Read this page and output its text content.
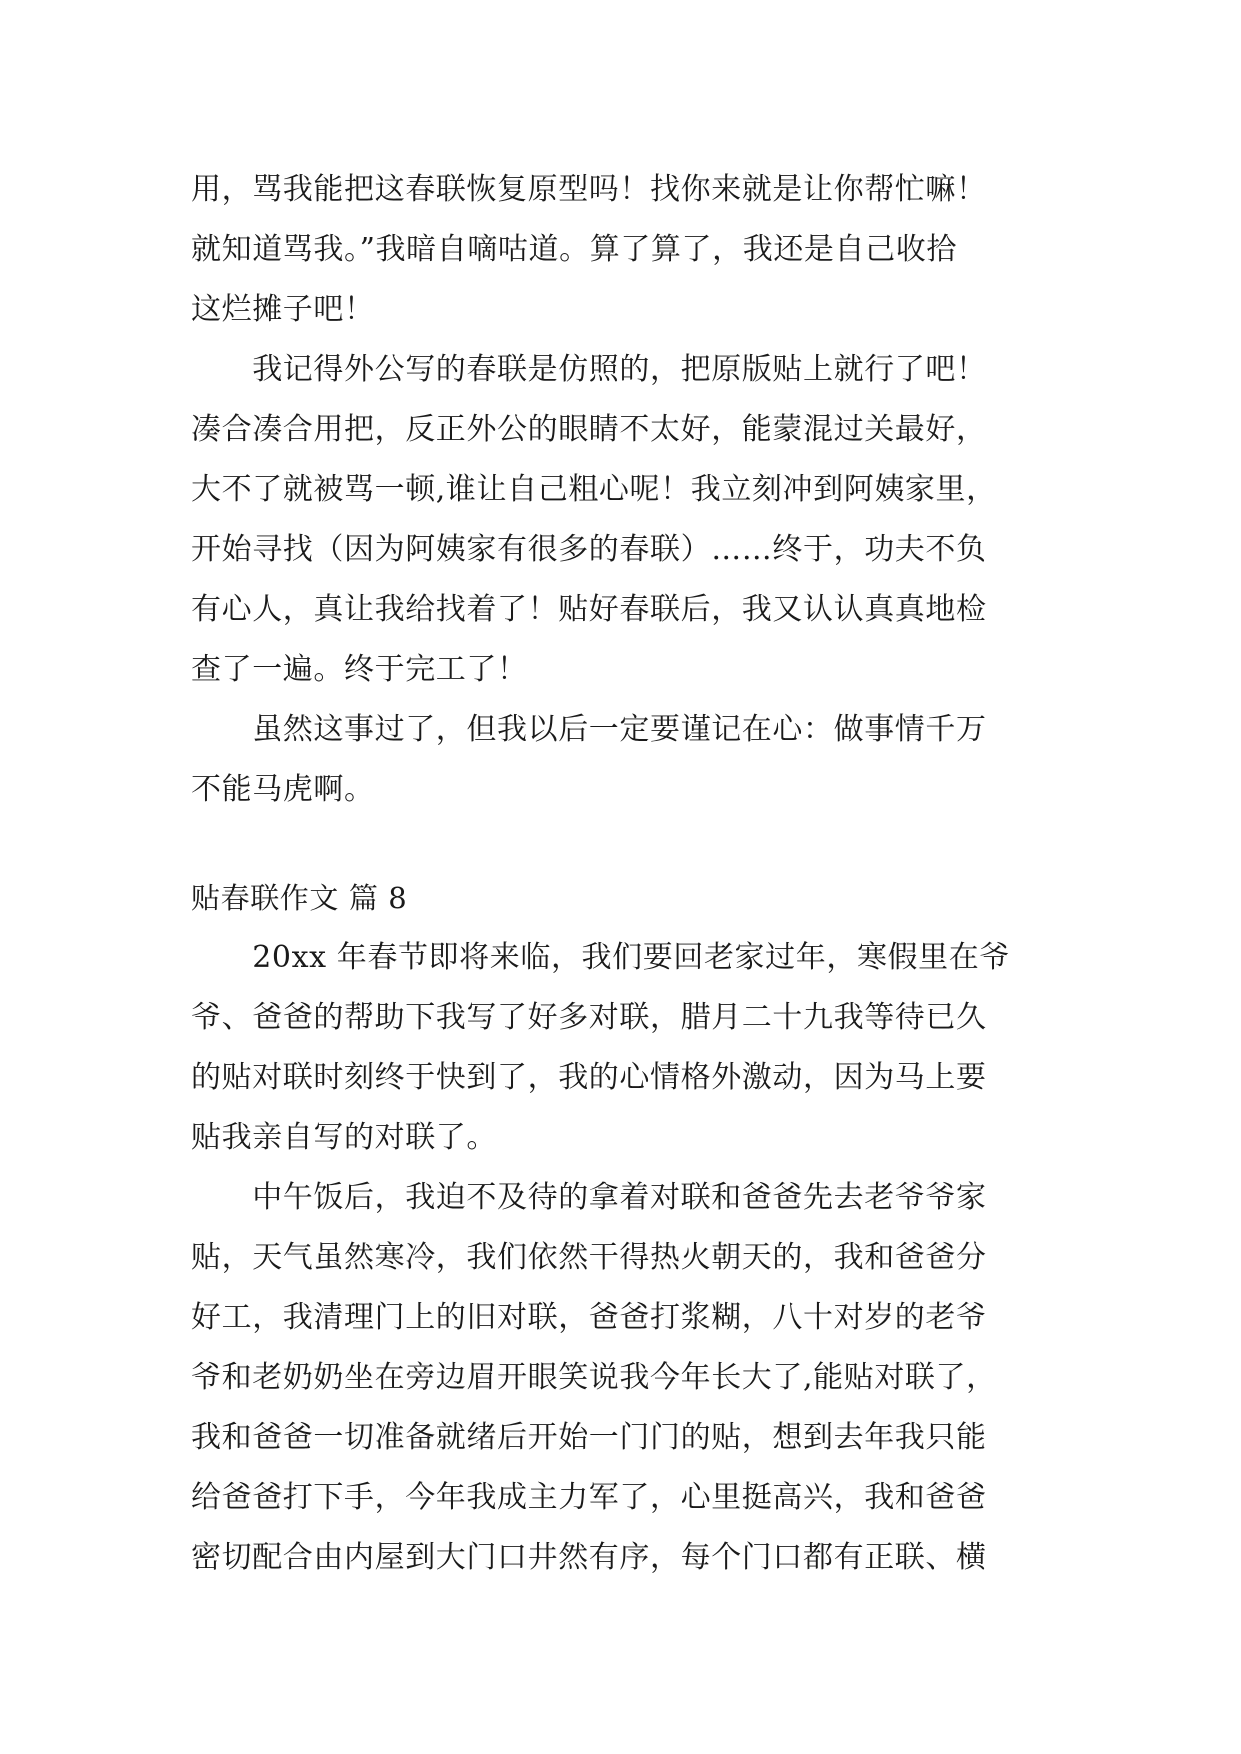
用，骂我能把这春联恢复原型吗！找你来就是让你帮忙嘛！
就知道骂我。”我暗自嘀咕道。算了算了，我还是自己收拾
这烂摊子吧！
　　我记得外公写的春联是仿照的，把原版贴上就行了吧！
凑合凑合用把，反正外公的眼睛不太好，能蒙混过关最好，
大不了就被骂一顿,谁让自己粗心呢！我立刻冲到阿姨家里，
开始寻找（因为阿姨家有很多的春联）……终于，功夫不负
有心人，真让我给找着了！贴好春联后，我又认认真真地检
查了一遍。终于完工了！
　　虽然这事过了，但我以后一定要谨记在心：做事情千万
不能马虎啊。
贴春联作文 篇 8
　　20xx 年春节即将来临，我们要回老家过年，寒假里在爷
爷、爸爸的帮助下我写了好多对联，腊月二十九我等待已久
的贴对联时刻终于快到了，我的心情格外激动，因为马上要
贴我亲自写的对联了。
　　中午饭后，我迫不及待的拿着对联和爸爸先去老爷爷家
贴，天气虽然寒冷，我们依然干得热火朝天的，我和爸爸分
好工，我清理门上的旧对联，爸爸打浆糊，八十对岁的老爷
爷和老奶奶坐在旁边眉开眼笑说我今年长大了,能贴对联了，
我和爸爸一切准备就绪后开始一门门的贴，想到去年我只能
给爸爸打下手，今年我成主力军了，心里挺高兴，我和爸爸
密切配合由内屋到大门口井然有序，每个门口都有正联、横
